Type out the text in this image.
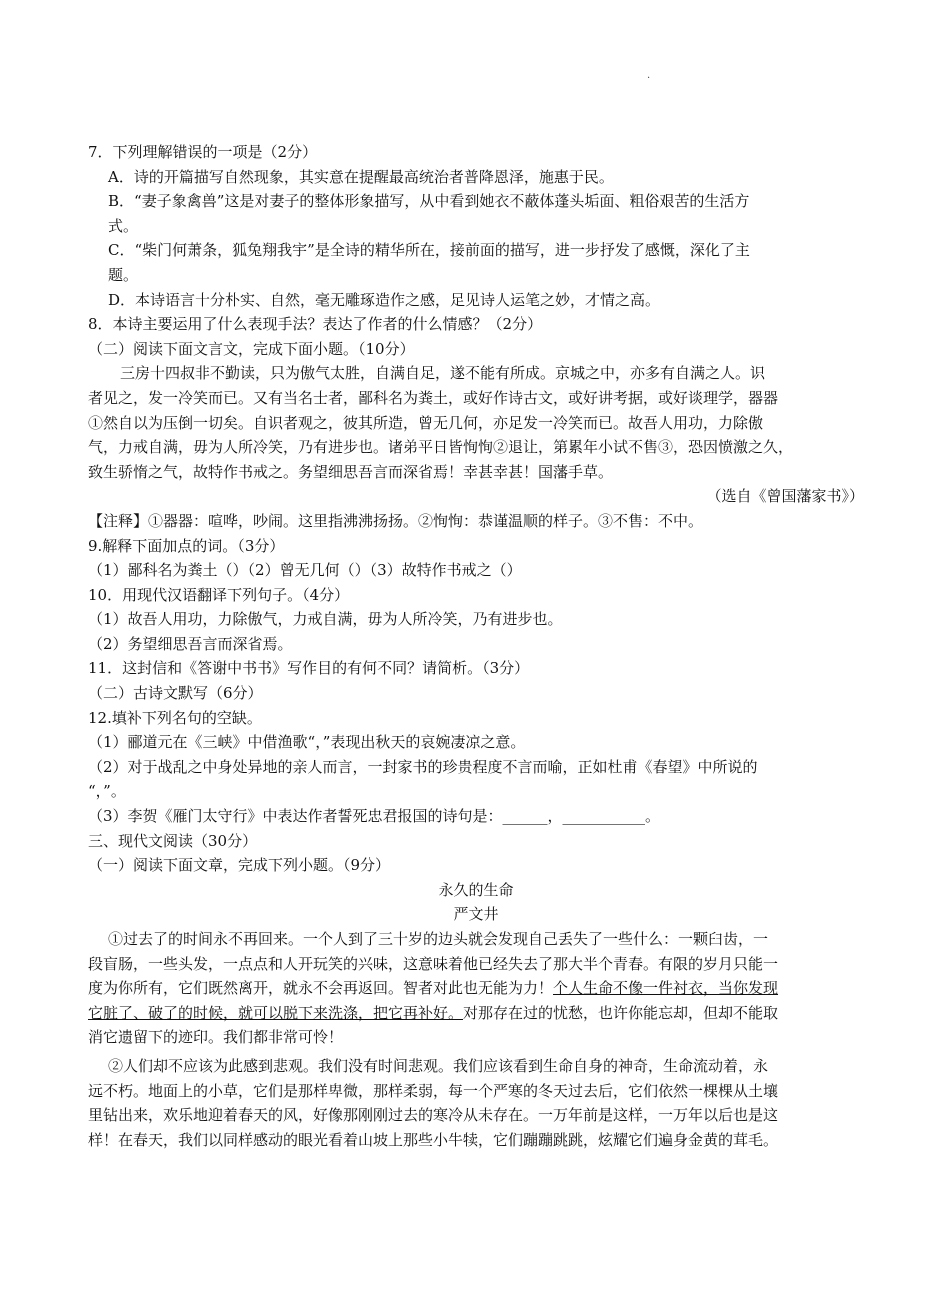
.

7．下列理解错误的一项是（2分）

A．诗的开篇描写自然现象，其实意在提醒最高统治者普降恩泽，施惠于民。

B．“妻子象禽兽”这是对妻子的整体形象描写，从中看到她衣不蔽体蓬头垢面、粗俗艰苦的生活方

式。

C．“柴门何萧条，狐兔翔我宇”是全诗的精华所在，接前面的描写，进一步抒发了感慨，深化了主

题。

D．本诗语言十分朴实、自然，毫无雕琢造作之感，足见诗人运笔之妙，才情之高。

8．本诗主要运用了什么表现手法？表达了作者的什么情感？（2分）

（二）阅读下面文言文，完成下面小题。（10分）

三房十四叔非不勤读，只为傲气太胜，自满自足，遂不能有所成。京城之中，亦多有自满之人。识

者见之，发一冷笑而已。又有当名士者，鄙科名为粪土，或好作诗古文，或好讲考据，或好谈理学，器器

①然自以为压倒一切矣。自识者观之，彼其所造，曾无几何，亦足发一冷笑而已。故吾人用功，力除傲

气，力戒自满，毋为人所冷笑，乃有进步也。诸弟平日皆恂恂②退让，第累年小试不售③，恐因愤激之久，

致生骄惰之气，故特作书戒之。务望细思吾言而深省焉！幸甚幸甚！国藩手草。

（选自《曾国藩家书》）

【注释】①器器：喧哗，吵闹。这里指沸沸扬扬。②恂恂：恭谨温顺的样子。③不售：不中。

9.解释下面加点的词。（3分）

（1）鄙科名为粪土（）（2）曾无几何（）（3）故特作书戒之（）

10．用现代汉语翻译下列句子。（4分）

（1）故吾人用功，力除傲气，力戒自满，毋为人所冷笑，乃有进步也。

（2）务望细思吾言而深省焉。

11．这封信和《答谢中书书》写作目的有何不同？请简析。（3分）

（二）古诗文默写（6分）

12.填补下列名句的空缺。

（1）郦道元在《三峡》中借渔歌“，”表现出秋天的哀婉凄凉之意。

（2）对于战乱之中身处异地的亲人而言，一封家书的珍贵程度不言而喻，正如杜甫《春望》中所说的

“，”。

（3）李贺《雁门太守行》中表达作者誓死忠君报国的诗句是：______，___________。

三、现代文阅读（30分）

（一）阅读下面文章，完成下列小题。（9分）

永久的生命

严文井

①过去了的时间永不再回来。一个人到了三十岁的边头就会发现自己丢失了一些什么：一颗臼齿，一

段盲肠，一些头发，一点点和人开玩笑的兴味，这意味着他已经失去了那大半个青春。有限的岁月只能一

度为你所有，它们既然离开，就永不会再返回。智者对此也无能为力！个人生命不像一件衬衣，当你发现

它脏了、破了的时候，就可以脱下来洗涤，把它再补好。对那存在过的忧愁，也许你能忘却，但却不能取

消它遗留下的迹印。我们都非常可怜！

②人们却不应该为此感到悲观。我们没有时间悲观。我们应该看到生命自身的神奇，生命流动着，永

远不朽。地面上的小草，它们是那样卑微，那样柔弱，每一个严寒的冬天过去后，它们依然一棵棵从土壤

里钻出来，欢乐地迎着春天的风，好像那刚刚过去的寒冷从未存在。一万年前是这样，一万年以后也是这

样！在春天，我们以同样感动的眼光看着山坡上那些小牛犊，它们蹦蹦跳跳，炫耀它们遍身金黄的茸毛。
